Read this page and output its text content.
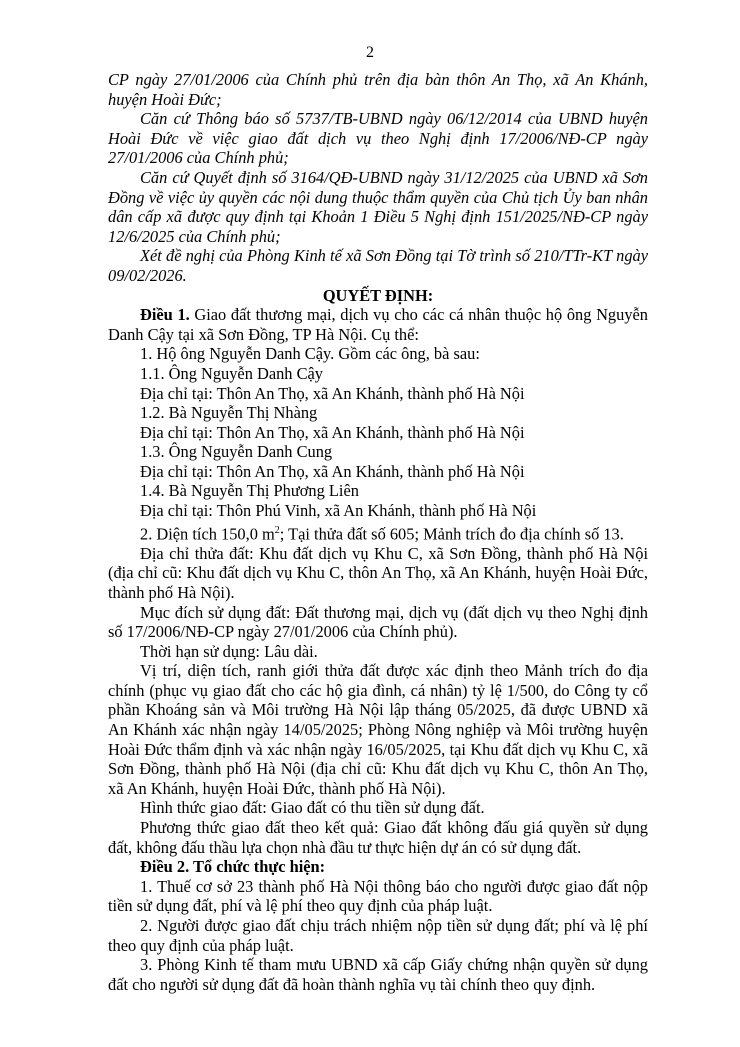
2

CP ngày 27/01/2006 của Chính phủ trên địa bàn thôn An Thọ, xã An Khánh, huyện Hoài Đức;

Căn cứ Thông báo số 5737/TB-UBND ngày 06/12/2014 của UBND huyện Hoài Đức về việc giao đất dịch vụ theo Nghị định 17/2006/NĐ-CP ngày 27/01/2006 của Chính phủ;

Căn cứ Quyết định số 3164/QĐ-UBND ngày 31/12/2025 của UBND xã Sơn Đồng về việc ủy quyền các nội dung thuộc thẩm quyền của Chủ tịch Ủy ban nhân dân cấp xã được quy định tại Khoản 1 Điều 5 Nghị định 151/2025/NĐ-CP ngày 12/6/2025 của Chính phủ;

Xét đề nghị của Phòng Kinh tế xã Sơn Đồng tại Tờ trình số 210/TTr-KT ngày 09/02/2026.

QUYẾT ĐỊNH:

Điều 1. Giao đất thương mại, dịch vụ cho các cá nhân thuộc hộ ông Nguyễn Danh Cậy tại xã Sơn Đồng, TP Hà Nội. Cụ thể:

1. Hộ ông Nguyễn Danh Cậy. Gồm các ông, bà sau:

1.1. Ông Nguyễn Danh Cậy

Địa chỉ tại: Thôn An Thọ, xã An Khánh, thành phố Hà Nội

1.2. Bà Nguyễn Thị Nhàng

Địa chỉ tại: Thôn An Thọ, xã An Khánh, thành phố Hà Nội

1.3. Ông Nguyễn Danh Cung

Địa chỉ tại: Thôn An Thọ, xã An Khánh, thành phố Hà Nội

1.4. Bà Nguyễn Thị Phương Liên

Địa chỉ tại: Thôn Phú Vinh, xã An Khánh, thành phố Hà Nội

2. Diện tích 150,0 $m^2$; Tại thửa đất số 605; Mảnh trích đo địa chính số 13.

Địa chỉ thửa đất: Khu đất dịch vụ Khu C, xã Sơn Đồng, thành phố Hà Nội (địa chỉ cũ: Khu đất dịch vụ Khu C, thôn An Thọ, xã An Khánh, huyện Hoài Đức, thành phố Hà Nội).

Mục đích sử dụng đất: Đất thương mại, dịch vụ (đất dịch vụ theo Nghị định số 17/2006/NĐ-CP ngày 27/01/2006 của Chính phủ).

Thời hạn sử dụng: Lâu dài.

Vị trí, diện tích, ranh giới thửa đất được xác định theo Mảnh trích đo địa chính (phục vụ giao đất cho các hộ gia đình, cá nhân) tỷ lệ 1/500, do Công ty cổ phần Khoáng sản và Môi trường Hà Nội lập tháng 05/2025, đã được UBND xã An Khánh xác nhận ngày 14/05/2025; Phòng Nông nghiệp và Môi trường huyện Hoài Đức thẩm định và xác nhận ngày 16/05/2025, tại Khu đất dịch vụ Khu C, xã Sơn Đồng, thành phố Hà Nội (địa chỉ cũ: Khu đất dịch vụ Khu C, thôn An Thọ, xã An Khánh, huyện Hoài Đức, thành phố Hà Nội).

Hình thức giao đất: Giao đất có thu tiền sử dụng đất.

Phương thức giao đất theo kết quả: Giao đất không đấu giá quyền sử dụng đất, không đấu thầu lựa chọn nhà đầu tư thực hiện dự án có sử dụng đất.

Điều 2. Tổ chức thực hiện:

1. Thuế cơ sở 23 thành phố Hà Nội thông báo cho người được giao đất nộp tiền sử dụng đất, phí và lệ phí theo quy định của pháp luật.

2. Người được giao đất chịu trách nhiệm nộp tiền sử dụng đất; phí và lệ phí theo quy định của pháp luật.

3. Phòng Kinh tế tham mưu UBND xã cấp Giấy chứng nhận quyền sử dụng đất cho người sử dụng đất đã hoàn thành nghĩa vụ tài chính theo quy định.
